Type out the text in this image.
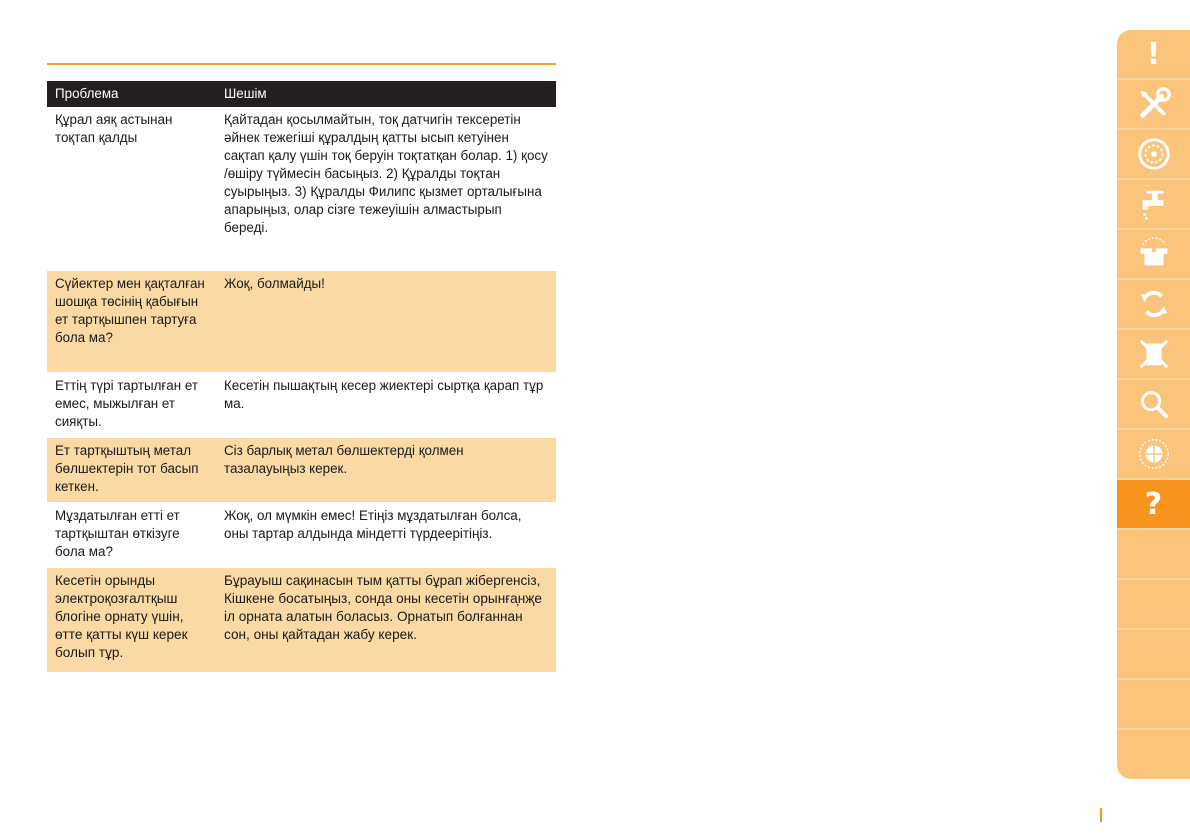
Проблема	Шешім
Құрал аяқ астынан тоқтап қалды	Қайтадан қосылмайтын, тоқ датчигін тексеретін әйнек тежегіші құралдың қатты ысып кетуінен сақтап қалу үшін тоқ беруін тоқтатқан болар. 1) қосу /өшіру түймесін басыңыз. 2) Құралды тоқтан суырыңыз. 3) Құралды Филипс қызмет орталығына апарыңыз, олар сізге тежеуішін алмастырып береді.
Сүйектер мен қақталған шошқа төсінің қабығын ет тартқышпен тартуға бола ма?	Жоқ, болмайды!
Еттің түрі тартылған ет емес, мыжылған ет сияқты.	Кесетін пышақтың кесер жиектері сыртқа қарап тұр ма.
Ет тартқыштың метал бөлшектерін тот басып кеткен.	Сіз барлық метал бөлшектерді қолмен тазалауыңыз керек.
Мұздатылған етті ет тартқыштан өткізуге бола ма?	Жоқ, ол мүмкін емес! Етіңіз мұздатылған болса, оны тартар алдында міндетті түрдеерітіңіз.
Кесетін орынды электроқозғалтқыш блогіне орнату үшін, өтте қатты күш керек болып тұр.	Бұрауыш сақинасын тым қатты бұрап жібергенсіз, Кішкене босатыңыз, сонда оны кесетін орынға̦нҗе іл орната алатын боласыз. Орнатып болғаннан сон, оны қайтадан жабу керек.
!
?
